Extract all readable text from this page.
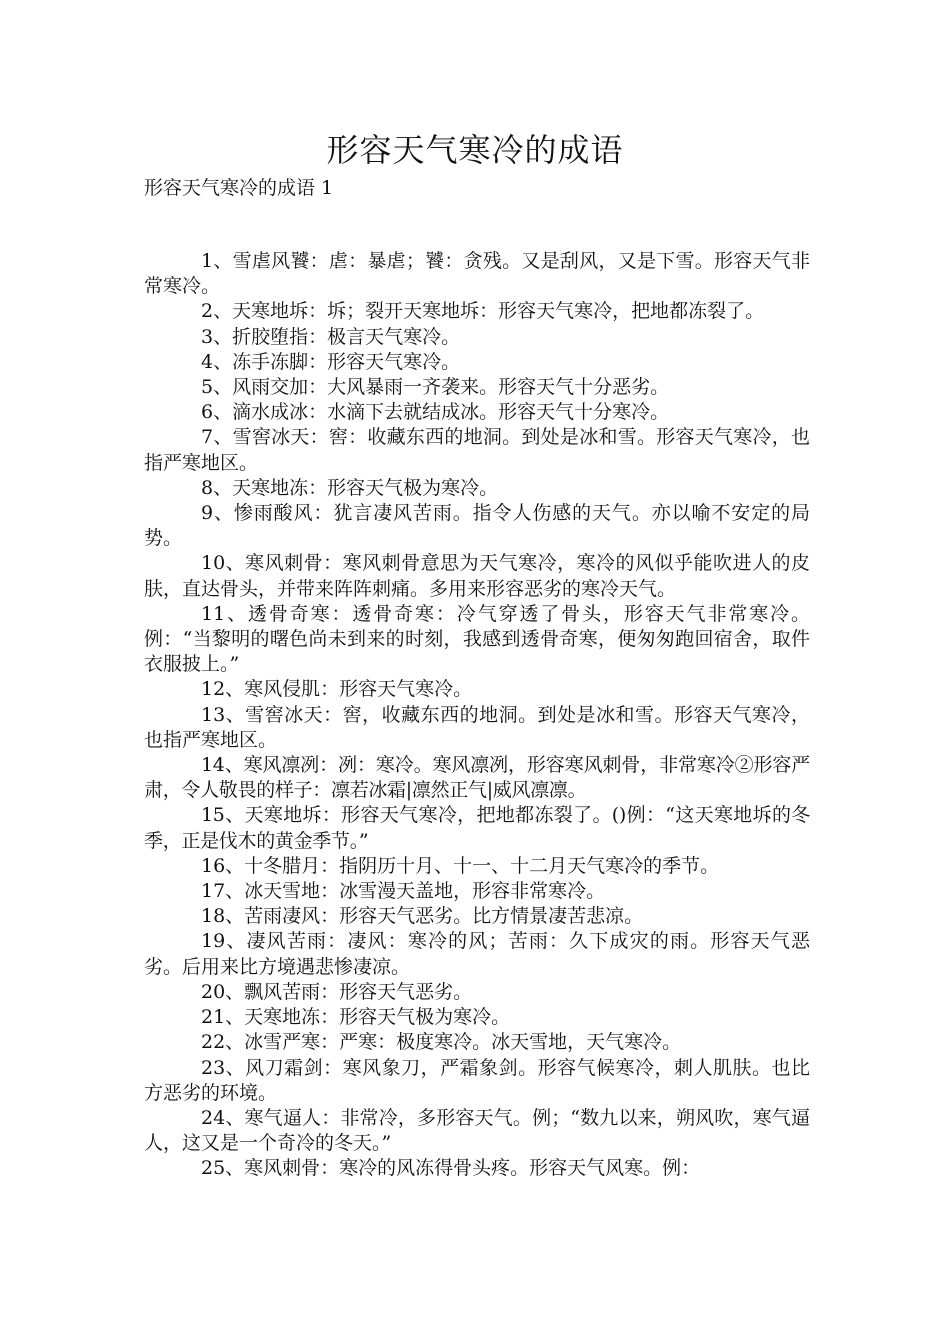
形容天气寒冷的成语

形容天气寒冷的成语 1

1、雪虐风饕：虐：暴虐；饕：贪残。又是刮风，又是下雪。形容天气非常寒冷。

2、天寒地坼：坼；裂开天寒地坼：形容天气寒冷，把地都冻裂了。

3、折胶堕指：极言天气寒冷。

4、冻手冻脚：形容天气寒冷。

5、风雨交加：大风暴雨一齐袭来。形容天气十分恶劣。

6、滴水成冰：水滴下去就结成冰。形容天气十分寒冷。

7、雪窖冰天：窖：收藏东西的地洞。到处是冰和雪。形容天气寒冷，也指严寒地区。

8、天寒地冻：形容天气极为寒冷。

9、惨雨酸风：犹言凄风苦雨。指令人伤感的天气。亦以喻不安定的局势。

10、寒风刺骨：寒风刺骨意思为天气寒冷，寒冷的风似乎能吹进人的皮肤，直达骨头，并带来阵阵刺痛。多用来形容恶劣的寒冷天气。

11、透骨奇寒：透骨奇寒：冷气穿透了骨头，形容天气非常寒冷。例：“当黎明的曙色尚未到来的时刻，我感到透骨奇寒，便匆匆跑回宿舍，取件衣服披上。”

12、寒风侵肌：形容天气寒冷。

13、雪窖冰天：窖，收藏东西的地洞。到处是冰和雪。形容天气寒冷，也指严寒地区。

14、寒风凛冽：冽：寒冷。寒风凛冽，形容寒风刺骨，非常寒冷②形容严肃，令人敬畏的样子：凛若冰霜|凛然正气|威风凛凛。

15、天寒地坼：形容天气寒冷，把地都冻裂了。()例：“这天寒地坼的冬季，正是伐木的黄金季节。”

16、十冬腊月：指阴历十月、十一、十二月天气寒冷的季节。

17、冰天雪地：冰雪漫天盖地，形容非常寒冷。

18、苦雨凄风：形容天气恶劣。比方情景凄苦悲凉。

19、凄风苦雨：凄风：寒冷的风；苦雨：久下成灾的雨。形容天气恶劣。后用来比方境遇悲惨凄凉。

20、飘风苦雨：形容天气恶劣。

21、天寒地冻：形容天气极为寒冷。

22、冰雪严寒：严寒：极度寒冷。冰天雪地，天气寒冷。

23、风刀霜剑：寒风象刀，严霜象剑。形容气候寒冷，刺人肌肤。也比方恶劣的环境。

24、寒气逼人：非常冷，多形容天气。例；“数九以来，朔风吹，寒气逼人，这又是一个奇冷的冬天。”

25、寒风刺骨：寒冷的风冻得骨头疼。形容天气风寒。例：
